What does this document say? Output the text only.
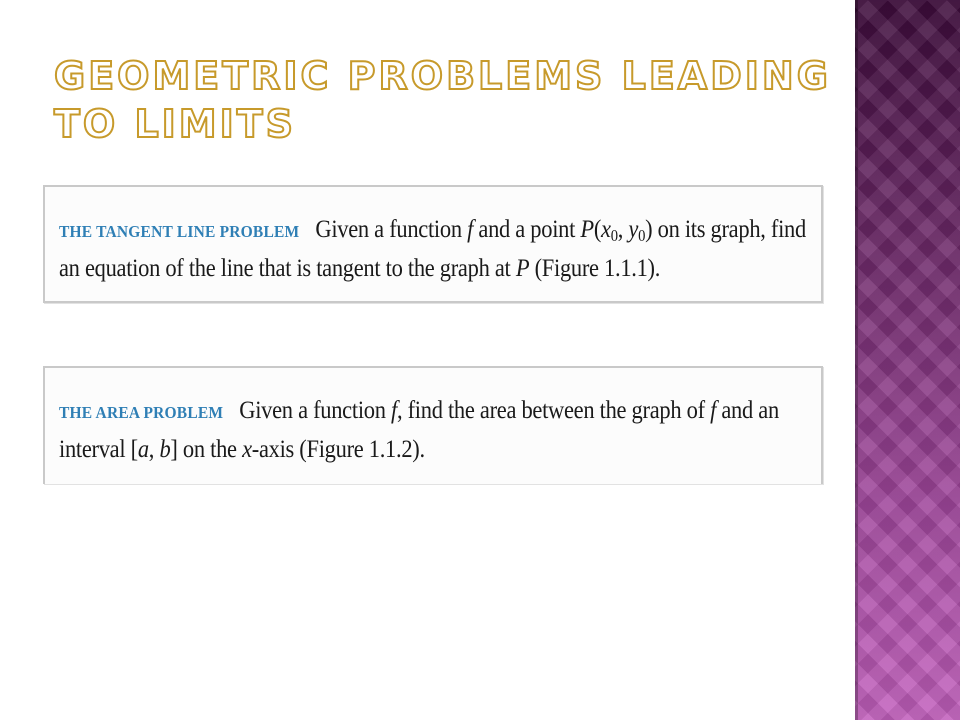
GEOMETRIC PROBLEMS LEADING TO LIMITS
THE TANGENT LINE PROBLEM Given a function f and a point $P(x_0$, $y_0$) on its graph, find an equation of the line that is tangent to the graph at P (Figure 1.1.1).
THE AREA PROBLEM Given a function f, find the area between the graph of f and an interval [a, b] on the x-axis (Figure 1.1.2).
